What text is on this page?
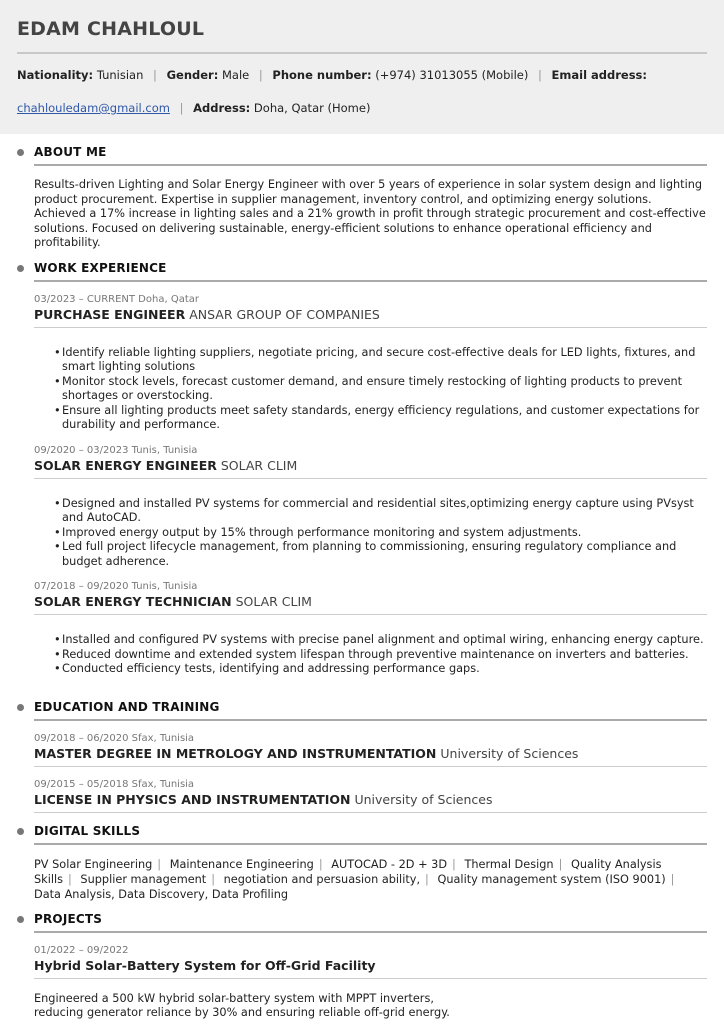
EDAM CHAHLOUL
Nationality: Tunisian | Gender: Male | Phone number: (+974) 31013055 (Mobile) | Email address:
chahlouledam@gmail.com | Address: Doha, Qatar (Home)
ABOUT ME
Results-driven Lighting and Solar Energy Engineer with over 5 years of experience in solar system design and lighting product procurement. Expertise in supplier management, inventory control, and optimizing energy solutions. Achieved a 17% increase in lighting sales and a 21% growth in profit through strategic procurement and cost-effective solutions. Focused on delivering sustainable, energy-efficient solutions to enhance operational efficiency and profitability.
WORK EXPERIENCE
03/2023 – CURRENT Doha, Qatar
PURCHASE ENGINEER ANSAR GROUP OF COMPANIES
• Identify reliable lighting suppliers, negotiate pricing, and secure cost-effective deals for LED lights, fixtures, and smart lighting solutions
• Monitor stock levels, forecast customer demand, and ensure timely restocking of lighting products to prevent shortages or overstocking.
• Ensure all lighting products meet safety standards, energy efficiency regulations, and customer expectations for durability and performance.
09/2020 – 03/2023 Tunis, Tunisia
SOLAR ENERGY ENGINEER SOLAR CLIM
• Designed and installed PV systems for commercial and residential sites,optimizing energy capture using PVsyst and AutoCAD.
• Improved energy output by 15% through performance monitoring and system adjustments.
• Led full project lifecycle management, from planning to commissioning, ensuring regulatory compliance and budget adherence.
07/2018 – 09/2020 Tunis, Tunisia
SOLAR ENERGY TECHNICIAN SOLAR CLIM
• Installed and configured PV systems with precise panel alignment and optimal wiring, enhancing energy capture.
• Reduced downtime and extended system lifespan through preventive maintenance on inverters and batteries.
• Conducted efficiency tests, identifying and addressing performance gaps.
EDUCATION AND TRAINING
09/2018 – 06/2020 Sfax, Tunisia
MASTER DEGREE IN METROLOGY AND INSTRUMENTATION University of Sciences
09/2015 – 05/2018 Sfax, Tunisia
LICENSE IN PHYSICS AND INSTRUMENTATION University of Sciences
DIGITAL SKILLS
PV Solar Engineering | Maintenance Engineering | AUTOCAD - 2D + 3D | Thermal Design | Quality Analysis Skills | Supplier management | negotiation and persuasion ability, | Quality management system (ISO 9001) | Data Analysis, Data Discovery, Data Profiling
PROJECTS
01/2022 – 09/2022
Hybrid Solar-Battery System for Off-Grid Facility
Engineered a 500 kW hybrid solar-battery system with MPPT inverters,
reducing generator reliance by 30% and ensuring reliable off-grid energy.
